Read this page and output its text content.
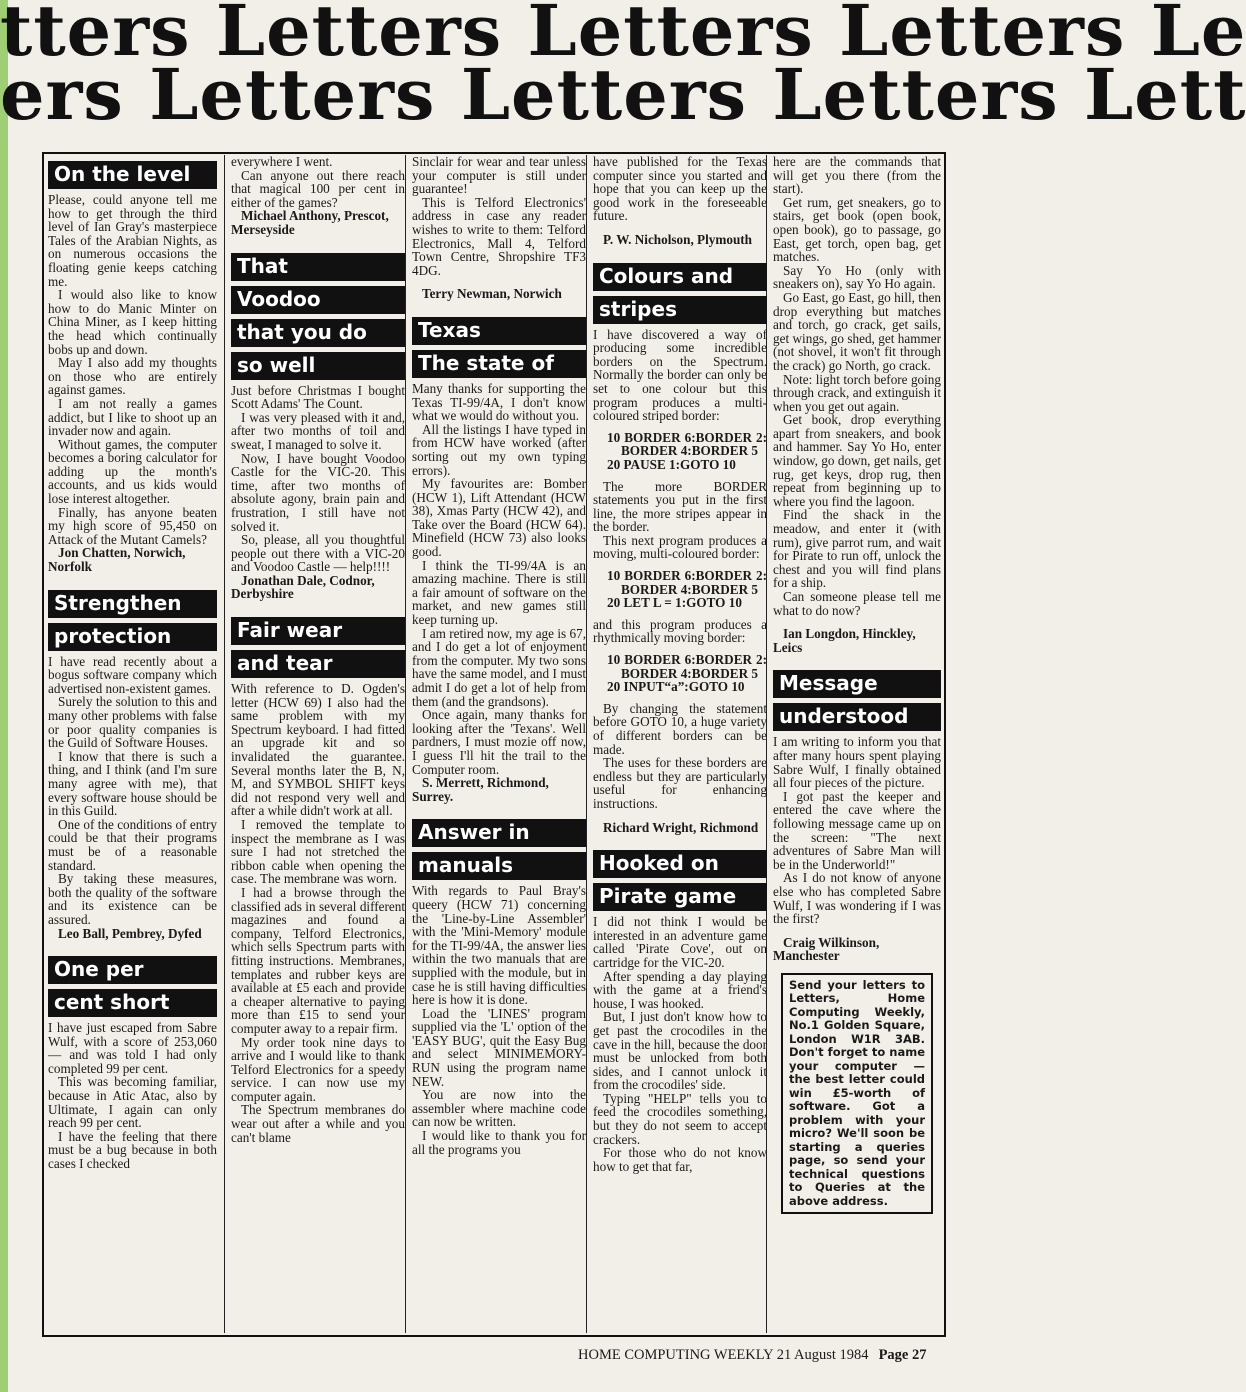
tters Letters Letters Letters Le
ers Letters Letters Letters Lett
On the level

Please, could anyone tell me how to get through the third level of Ian Gray's masterpiece Tales of the Arabian Nights, as on numerous occasions the floating genie keeps catching me.

I would also like to know how to do Manic Minter on China Miner, as I keep hitting the head which continually bobs up and down.

May I also add my thoughts on those who are entirely against games.

I am not really a games addict, but I like to shoot up an invader now and again.

Without games, the computer becomes a boring calculator for adding up the month's accounts, and us kids would lose interest altogether.

Finally, has anyone beaten my high score of 95,450 on Attack of the Mutant Camels?

Jon Chatten, Norwich, Norfolk

Strengthen
protection

I have read recently about a bogus software company which advertised non-existent games.

Surely the solution to this and many other problems with false or poor quality companies is the Guild of Software Houses.

I know that there is such a thing, and I think (and I'm sure many agree with me), that every software house should be in this Guild.

One of the conditions of entry could be that their programs must be of a reasonable standard.

By taking these measures, both the quality of the software and its existence can be assured.

Leo Ball, Pembrey, Dyfed

One per
cent short

I have just escaped from Sabre Wulf, with a score of 253,060 — and was told I had only completed 99 per cent.

This was becoming familiar, because in Atic Atac, also by Ultimate, I again can only reach 99 per cent.

I have the feeling that there must be a bug because in both cases I checked

everywhere I went.

Can anyone out there reach that magical 100 per cent in either of the games?

Michael Anthony, Prescot, Merseyside

That
Voodoo
that you do
so well

Just before Christmas I bought Scott Adams' The Count.

I was very pleased with it and, after two months of toil and sweat, I managed to solve it.

Now, I have bought Voodoo Castle for the VIC-20. This time, after two months of absolute agony, brain pain and frustration, I still have not solved it.

So, please, all you thoughtful people out there with a VIC-20 and Voodoo Castle — help!!!!

Jonathan Dale, Codnor, Derbyshire

Fair wear
and tear

With reference to D. Ogden's letter (HCW 69) I also had the same problem with my Spectrum keyboard. I had fitted an upgrade kit and so invalidated the guarantee. Several months later the B, N, M, and SYMBOL SHIFT keys did not respond very well and after a while didn't work at all.

I removed the template to inspect the membrane as I was sure I had not stretched the ribbon cable when opening the case. The membrane was worn.

I had a browse through the classified ads in several different magazines and found a company, Telford Electronics, which sells Spectrum parts with fitting instructions. Membranes, templates and rubber keys are available at £5 each and provide a cheaper alternative to paying more than £15 to send your computer away to a repair firm.

My order took nine days to arrive and I would like to thank Telford Electronics for a speedy service. I can now use my computer again.

The Spectrum membranes do wear out after a while and you can't blame

Sinclair for wear and tear unless your computer is still under guarantee!

This is Telford Electronics' address in case any reader wishes to write to them: Telford Electronics, Mall 4, Telford Town Centre, Shropshire TF3 4DG.

Terry Newman, Norwich

Texas
The state of

Many thanks for supporting the Texas TI-99/4A, I don't know what we would do without you.

All the listings I have typed in from HCW have worked (after sorting out my own typing errors).

My favourites are: Bomber (HCW 1), Lift Attendant (HCW 38), Xmas Party (HCW 42), and Take over the Board (HCW 64). Minefield (HCW 73) also looks good.

I think the TI-99/4A is an amazing machine. There is still a fair amount of software on the market, and new games still keep turning up.

I am retired now, my age is 67, and I do get a lot of enjoyment from the computer. My two sons have the same model, and I must admit I do get a lot of help from them (and the grandsons).

Once again, many thanks for looking after the 'Texans'. Well pardners, I must mozie off now, I guess I'll hit the trail to the Computer room.

S. Merrett, Richmond, Surrey.

Answer in
manuals

With regards to Paul Bray's queery (HCW 71) concerning the 'Line-by-Line Assembler' with the 'Mini-Memory' module for the TI-99/4A, the answer lies within the two manuals that are supplied with the module, but in case he is still having difficulties here is how it is done.

Load the 'LINES' program supplied via the 'L' option of the 'EASY BUG', quit the Easy Bug and select MINIMEMORY-RUN using the program name NEW.

You are now into the assembler where machine code can now be written.

I would like to thank you for all the programs you

have published for the Texas computer since you started and hope that you can keep up the good work in the foreseeable future.

P. W. Nicholson, Plymouth

Colours and
stripes

I have discovered a way of producing some incredible borders on the Spectrum. Normally the border can only be set to one colour but this program produces a multi-coloured striped border:

10 BORDER 6:BORDER 2: BORDER 4:BORDER 5
20 PAUSE 1:GOTO 10

The more BORDER statements you put in the first line, the more stripes appear in the border.

This next program produces a moving, multi-coloured border:

10 BORDER 6:BORDER 2: BORDER 4:BORDER 5
20 LET L = 1:GOTO 10

and this program produces a rhythmically moving border:

10 BORDER 6:BORDER 2: BORDER 4:BORDER 5
20 INPUT“a”:GOTO 10

By changing the statement before GOTO 10, a huge variety of different borders can be made.

The uses for these borders are endless but they are particularly useful for enhancing instructions.

Richard Wright, Richmond

Hooked on
Pirate game

I did not think I would be interested in an adventure game called 'Pirate Cove', out on cartridge for the VIC-20.

After spending a day playing with the game at a friend's house, I was hooked.

But, I just don't know how to get past the crocodiles in the cave in the hill, because the door must be unlocked from both sides, and I cannot unlock it from the crocodiles' side.

Typing "HELP" tells you to feed the crocodiles something, but they do not seem to accept crackers.

For those who do not know how to get that far,

here are the commands that will get you there (from the start).

Get rum, get sneakers, go to stairs, get book (open book, open book), go to passage, go East, get torch, open bag, get matches.

Say Yo Ho (only with sneakers on), say Yo Ho again.

Go East, go East, go hill, then drop everything but matches and torch, go crack, get sails, get wings, go shed, get hammer (not shovel, it won't fit through the crack) go North, go crack.

Note: light torch before going through crack, and extinguish it when you get out again.

Get book, drop everything apart from sneakers, and book and hammer. Say Yo Ho, enter window, go down, get nails, get rug, get keys, drop rug, then repeat from beginning up to where you find the lagoon.

Find the shack in the meadow, and enter it (with rum), give parrot rum, and wait for Pirate to run off, unlock the chest and you will find plans for a ship.

Can someone please tell me what to do now?

Ian Longdon, Hinckley, Leics

Message
understood

I am writing to inform you that after many hours spent playing Sabre Wulf, I finally obtained all four pieces of the picture.

I got past the keeper and entered the cave where the following message came up on the screen: "The next adventures of Sabre Man will be in the Underworld!"

As I do not know of anyone else who has completed Sabre Wulf, I was wondering if I was the first?

Craig Wilkinson, Manchester

Send your letters to Letters, Home Computing Weekly, No.1 Golden Square, London W1R 3AB. Don't forget to name your computer — the best letter could win £5-worth of software. Got a problem with your micro? We'll soon be starting a queries page, so send your technical questions to Queries at the above address.
HOME COMPUTING WEEKLY 21 August 1984 Page 27
